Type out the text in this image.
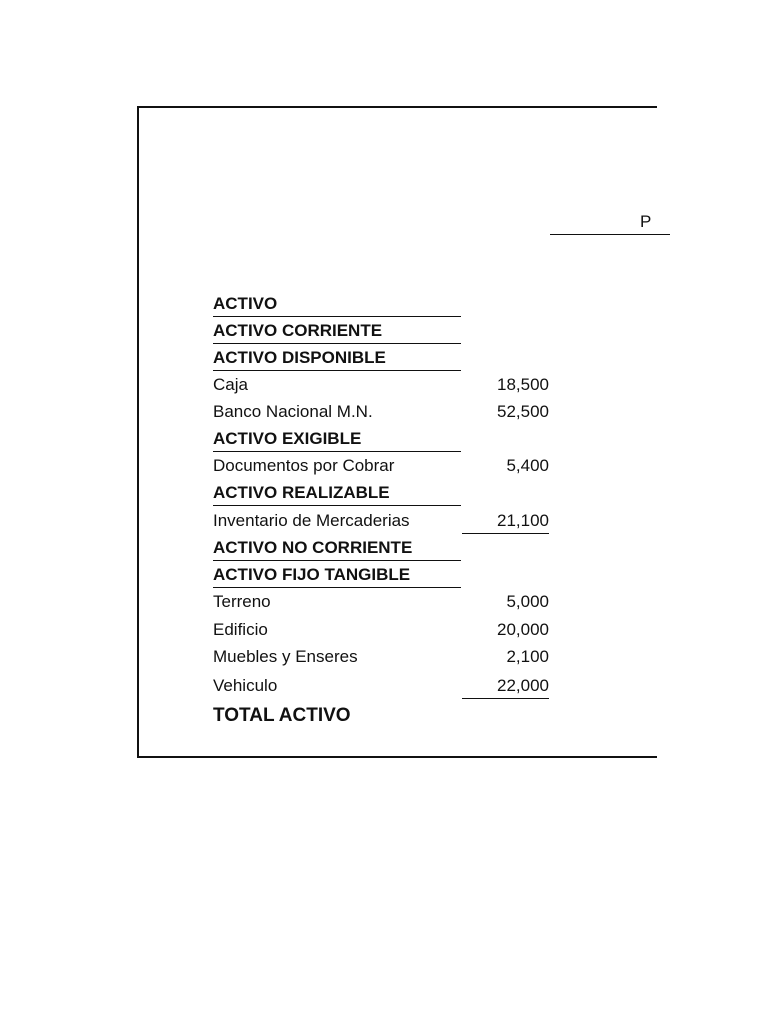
P
ACTIVO
ACTIVO CORRIENTE
ACTIVO DISPONIBLE
Caja	18,500
Banco Nacional M.N.	52,500
ACTIVO EXIGIBLE
Documentos por Cobrar	5,400
ACTIVO REALIZABLE
Inventario de Mercaderias	21,100
ACTIVO NO CORRIENTE
ACTIVO FIJO TANGIBLE
Terreno	5,000
Edificio	20,000
Muebles y Enseres	2,100
Vehiculo	22,000
TOTAL ACTIVO
